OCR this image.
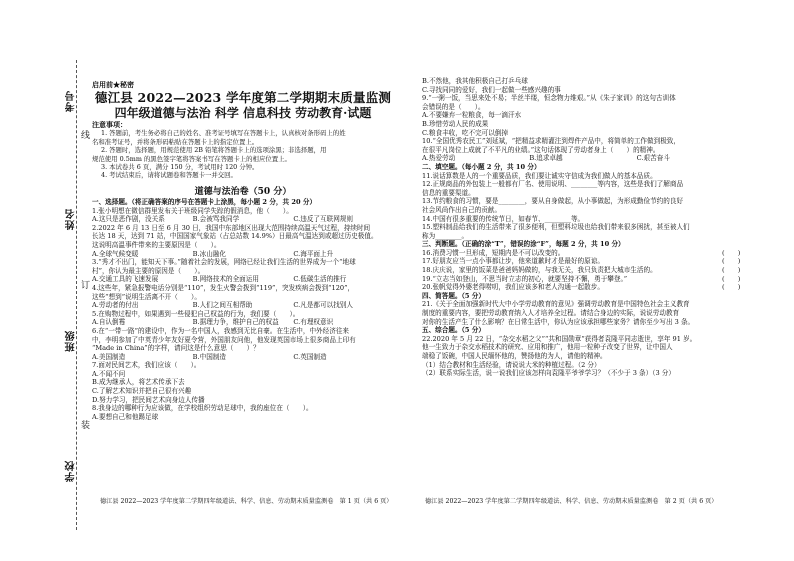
考号
姓名
班级
学校
线
订
装
启用前★秘密
德江县 2022—2023 学年度第二学期期末质量监测
四年级道德与法治 科学 信息科技 劳动教育·试题
注意事项：
1. 答题前，考生务必将自己的姓名、准考证号填写在答题卡上，认真核对条形码上的姓
名和准考证号，并将条形码粘贴在答题卡上的指定位置上。
2. 答题时，选择题，用规范使用 2B 铅笔将答题卡上的选项涂黑；非选择题，用
规范使用 0.5mm 的黑色签字笔将答案书写在答题卡上的相应位置上。
3. 本试卷共 6 页，满分 150 分，考试用时 120 分钟。
4. 考试结束后，请将试题卷和答题卡一并交回。
道德与法治卷（50 分）
一、选择题。（将正确答案的序号在答题卡上涂黑，每小题 2 分，共 20 分）
1.张小明想在微信群里发布关于班级同学失踪的假消息，他（　　）。
A.这只是恶作剧，没关系	B.会被骂我同学	C.违反了互联网规则
2.2022 年 6 月 13 日至 6 月 30 日，我国中东部地区出现大范围持续高温天气过程，持续时间
长达 18 天，达到 71 站，中国国家气象站（占总站数 14.9%）日最高气温达到或超过历史极值。
这说明高温事件带来的主要原因是（　　）。
A.全球气候变暖	B.冰山融化	C.海平面上升
3.“秀才不出门，能知天下事。”随着社会的发展，网络已经让我们生活的世界成为一个“地球
村”，你认为最主要的原因是（　　）。
A.交通工具的飞速发展	B.网络技术的全面运用	C.低碳生活的推行
4.这些年，紧急报警电话分别是“110”，发生火警会拨到“119”，突发疾病会拨到“120”，
这些“想到”说明生活离不开（　　）。
A.劳动者的付出	B.人们之间互相帮助	C.凡是都可以找别人
5.在购物过程中，如果遇到一些侵犯自己权益的行为，我们要（　　）。
A.自认倒霉	B.据理力争，维护自己的权益	C.有理权意识
6.在“一带一路”的建设中，作为一名中国人，我感到无比自豪。在生活中，中外经济往来
中，李明参加了中英青少年友好夏令营，外国朋友问他，他发现英国市场上很多商品上印有
“Made in China”的字样，请问这是什么意思（　　）？
A.美国制造	B.中国制造	C.英国制造
7.面对民间艺术，我们应该（　　）。
A.不闻不问
B.成为继承人，将艺术传承下去
C.了解艺术知识并把自己很有兴趣
D.努力学习，把民间艺术向身边人传播
8.我身边的哪种行为应该做，在学校组织劳动足球中，我的座位在（　　）。
A.要想自己和他踢足球
B.不然他，我其他积极自己打乒乓球
C.寻找同同的爱好，我们一起做一些感兴趣的事
9.“一粥一饭，当思来处不易；半丝半缕，恒念物力维艰。”从《朱子家训》的这句古训体
会错误的是（　　）。
A.不要嫌弃一粒粮食，每一滴汗水
B.珍惜劳动人民的成果
C.粮食丰收，吃不完可以倒掉
10.“全国优秀农民工”刘延斌，“把精益求精灌注到焊件产品中，将简单的工作做到极致，
在很平凡岗位上成就了不平凡的业绩。”这句话体现了劳动者身上（　　）的精神。
A.热爱劳动	B.追求卓越	C.艰苦奋斗
二、填空题。（每小题 2 分，共 10 分）
11.说话算数是人的一个重要品质，我们要让诚实守信成为我们做人的基本品质。
12.正规商品的外包装上一般都有厂名、使用说明、________等内容，这些是我们了解商品
信息的重要渠道。
13.节约粮食的习惯，要是________，要从自身做起，从小事做起，为形成勤俭节约的良好
社会风尚作出自己的贡献。
14.中国有很多重要的传统节日，如春节、________等。
15.塑料制品给我们的生活带来了很多便利，但塑料垃圾也给我们带来很多困扰，甚至被人们
称为________。
三、判断题。（正确的涂“T”，错误的涂“F”，每题 2 分，共 10 分）
16.消费习惯一旦形成，短期内是不可以改变的。	(　　)
17.好朋友应当一点小事都让步，他来道歉时才是最好的原谅。	(　　)
18.庆庆说，家里的饭菜是爸爸妈妈做的，与我无关，我只负责把大城市生活的。	(　　)
19.“立志当如登山，不思当时立志的初心，就要坚持不懈，勇于攀登。”	(　　)
20.张帆觉得外婆老得唠叨，我们应该多和老人沟通一起散步。	(　　)
四、简答题。（5 分）
21.《关于全面加强新时代大中小学劳动教育的意见》强调劳动教育是中国特色社会主义教育
制度的重要内容，要把劳动教育纳入人才培养全过程。请结合身边的实际，说说劳动教育
对你的生活产生了什么影响？在日常生活中，你认为应该承担哪些家务？请你至少写出 3 条。
五、综合题。（5 分）
22.2020 年 5 月 22 日，“杂交水稻之父”“共和国勋章”获得者袁隆平同志逝世，享年 91 岁。
他一生致力于杂交水稻技术的研究、应用和推广，他用一粒种子改变了世界，让中国人
端稳了饭碗，中国人民缅怀他的，赞扬他的为人，请他的精神。
（1）结合教材和生活经验，请说说大米的种植过程。（2 分）
（2）联系实际生活，说一说我们应该怎样向袁隆平爷爷学习？（不少于 3 条）（3 分）
德江县 2022—2023 学年度第二学期四年级道法、科学、信息、劳动期末质量监测卷　第 1 页（共 6 页）	德江县 2022—2023 学年度第二学期四年级道法、科学、信息、劳动期末质量监测卷　第 2 页（共 6 页）
